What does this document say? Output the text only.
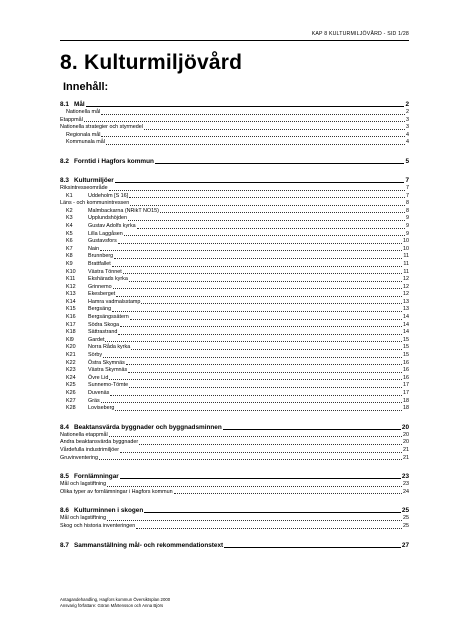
KAP 8 KULTURMILJÖVÅRD - SID 1/28
8. Kulturmiljövård
Innehåll:
8.1 Mål	2
Nationella mål	2
Etappmål	3
Nationella strategier och styrmedel	3
Regionala mål	4
Kommunala mål	4
8.2 Forntid i Hagfors kommun	5
8.3 Kulturmiljöer	7
Riksintresseområde	7
K1	Uddeholm [S 16]	7
Läns - och kommunintressen	8
K2	Malmbackarna (NRikT NO15)	8
K3	Upplundshöjden	9
K4	Gustav Adolfs kyrka	9
K5	Lilla Laggåsen	9
K6	Gustavsfors	10
K7	Nain	10
K8	Brunnberg	11
K9	Brattfallet	11
K10	Västra Tönnet	11
K11	Ekshärads kyrka	12
K12	Grinnemo	12
K13	Ekesberget	12
K14	Hamra vadmalsstamp	13
K15	Bergsäng	13
K16	Bergsängssätern	14
K17	Södra Skoga	14
K18	Sättrastrand	14
Kl9	Gardet	15
K20	Norra Råda kyrka	15
K21	Sörby	15
K22	Östra Skymnäs	16
K23	Västra Skymnäs	16
K24	Övre Lid	16
K25	Sunnemo-Tömte	17
K26	Duvenäs	17
K27	Gräs	18
K28	Loviseberg	18
8.4 Beaktansvärda byggnader och byggnadsminnen	20
Nationella etappmål	20
Andra beaktansvärda byggnader	20
Vårdefulla industrimiljöer	21
Gruvinventering	21
8.5 Fornlämningar	23
Mål och lagstiftning	23
Olika typer av fornlämningar i Hagfors kommun	24
8.6 Kulturminnen i skogen	25
Mål och lagstiftning	25
Skog och historia inventeringen	25
8.7 Sammanställning mål- och rekommendationstext	27
Antagandehandling, Hagfors kommun Översiktsplan 2000
Ansvarig författare: Göran Mårtensson och Anna Björs
